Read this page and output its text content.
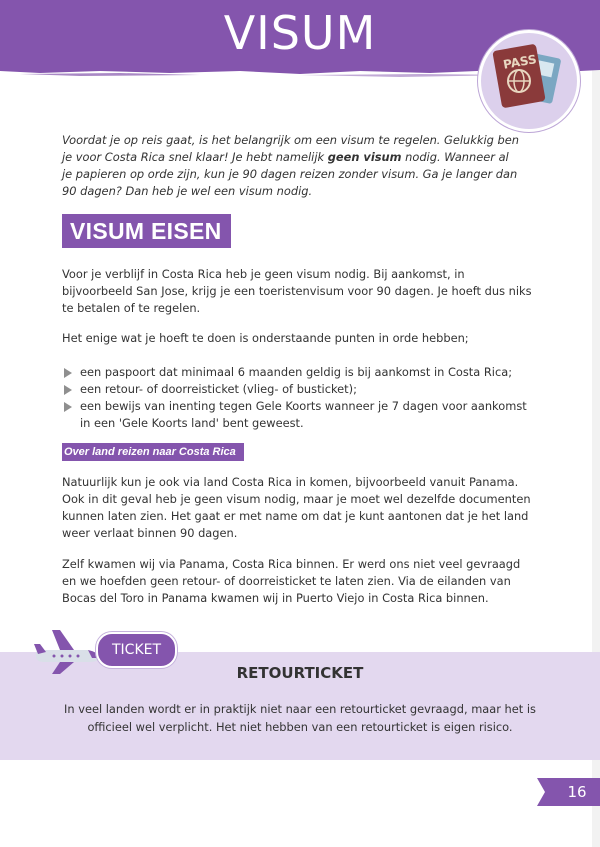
VISUM
PASS

Voordat je op reis gaat, is het belangrijk om een visum te regelen. Gelukkig ben je voor Costa Rica snel klaar! Je hebt namelijk geen visum nodig. Wanneer al je papieren op orde zijn, kun je 90 dagen reizen zonder visum. Ga je langer dan 90 dagen? Dan heb je wel een visum nodig.

VISUM EISEN

Voor je verblijf in Costa Rica heb je geen visum nodig. Bij aankomst, in bijvoorbeeld San Jose, krijg je een toeristenvisum voor 90 dagen. Je hoeft dus niks te betalen of te regelen.

Het enige wat je hoeft te doen is onderstaande punten in orde hebben;

een paspoort dat minimaal 6 maanden geldig is bij aankomst in Costa Rica;
een retour- of doorreisticket (vlieg- of busticket);
een bewijs van inenting tegen Gele Koorts wanneer je 7 dagen voor aankomst in een 'Gele Koorts land' bent geweest.
Over land reizen naar Costa Rica

Natuurlijk kun je ook via land Costa Rica in komen, bijvoorbeeld vanuit Panama. Ook in dit geval heb je geen visum nodig, maar je moet wel dezelfde documenten kunnen laten zien. Het gaat er met name om dat je kunt aantonen dat je het land weer verlaat binnen 90 dagen.

Zelf kwamen wij via Panama, Costa Rica binnen. Er werd ons niet veel gevraagd en we hoefden geen retour- of doorreisticket te laten zien. Via de eilanden van Bocas del Toro in Panama kwamen wij in Puerto Viejo in Costa Rica binnen.

RETOURTICKET

In veel landen wordt er in praktijk niet naar een retourticket gevraagd, maar het is officieel wel verplicht. Het niet hebben van een retourticket is eigen risico.

TICKET
16
